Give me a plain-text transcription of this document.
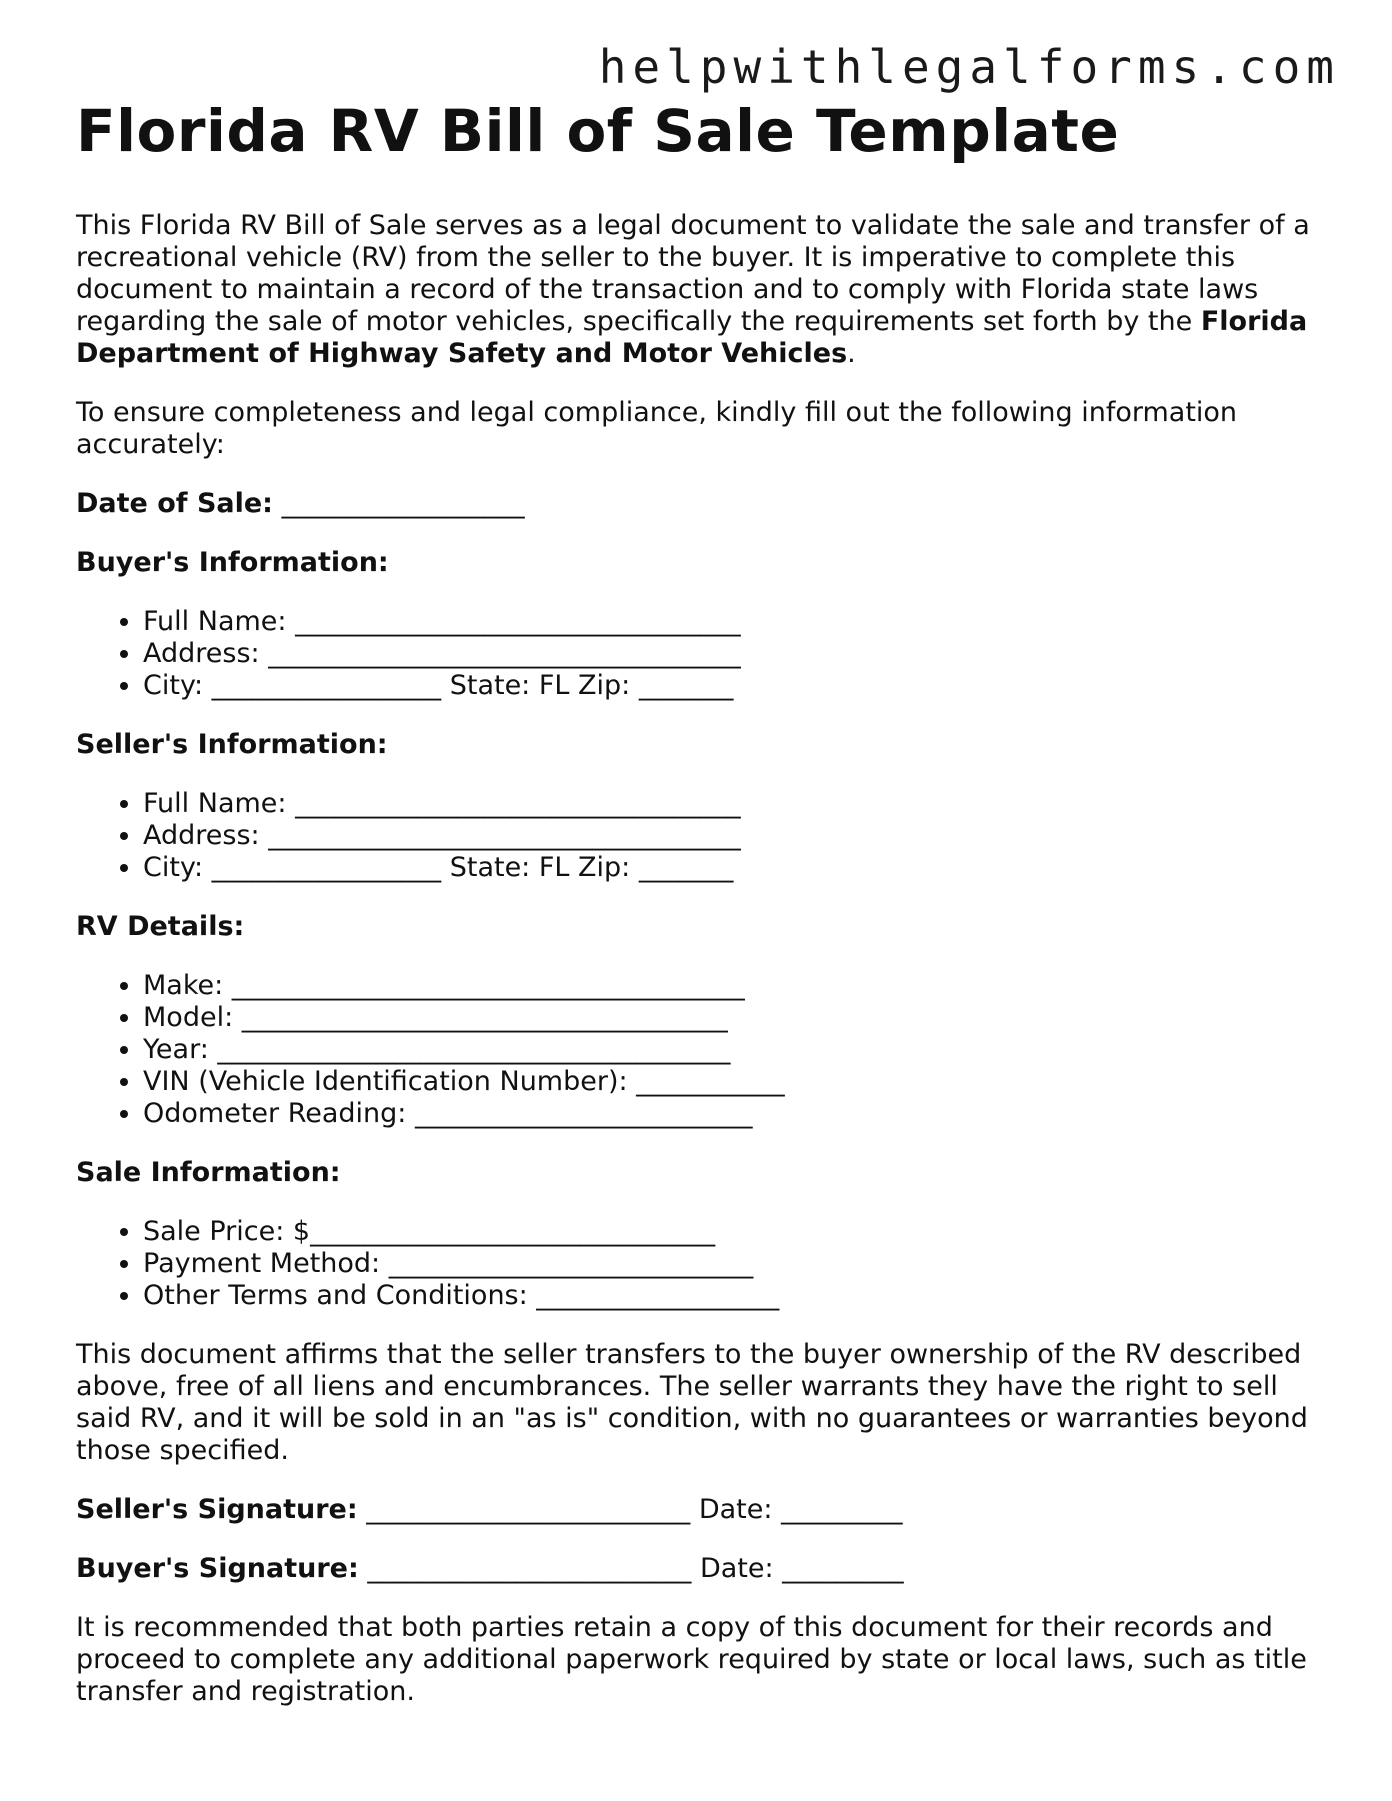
helpwithlegalforms.com
Florida RV Bill of Sale Template

This Florida RV Bill of Sale serves as a legal document to validate the sale and transfer of a recreational vehicle (RV) from the seller to the buyer. It is imperative to complete this document to maintain a record of the transaction and to comply with Florida state laws regarding the sale of motor vehicles, specifically the requirements set forth by the Florida Department of Highway Safety and Motor Vehicles.

To ensure completeness and legal compliance, kindly fill out the following information accurately:

Date of Sale: __________________

Buyer's Information:

• Full Name: _________________________________
• Address: ___________________________________
• City: _________________ State: FL Zip: _______

Seller's Information:

• Full Name: _________________________________
• Address: ___________________________________
• City: _________________ State: FL Zip: _______

RV Details:

• Make: ______________________________________
• Model: ____________________________________
• Year: ______________________________________
• VIN (Vehicle Identification Number): ___________
• Odometer Reading: _________________________

Sale Information:

• Sale Price: $______________________________
• Payment Method: ___________________________
• Other Terms and Conditions: __________________

This document affirms that the seller transfers to the buyer ownership of the RV described above, free of all liens and encumbrances. The seller warrants they have the right to sell said RV, and it will be sold in an "as is" condition, with no guarantees or warranties beyond those specified.

Seller's Signature: ________________________ Date: _________

Buyer's Signature: ________________________ Date: _________

It is recommended that both parties retain a copy of this document for their records and proceed to complete any additional paperwork required by state or local laws, such as title transfer and registration.
